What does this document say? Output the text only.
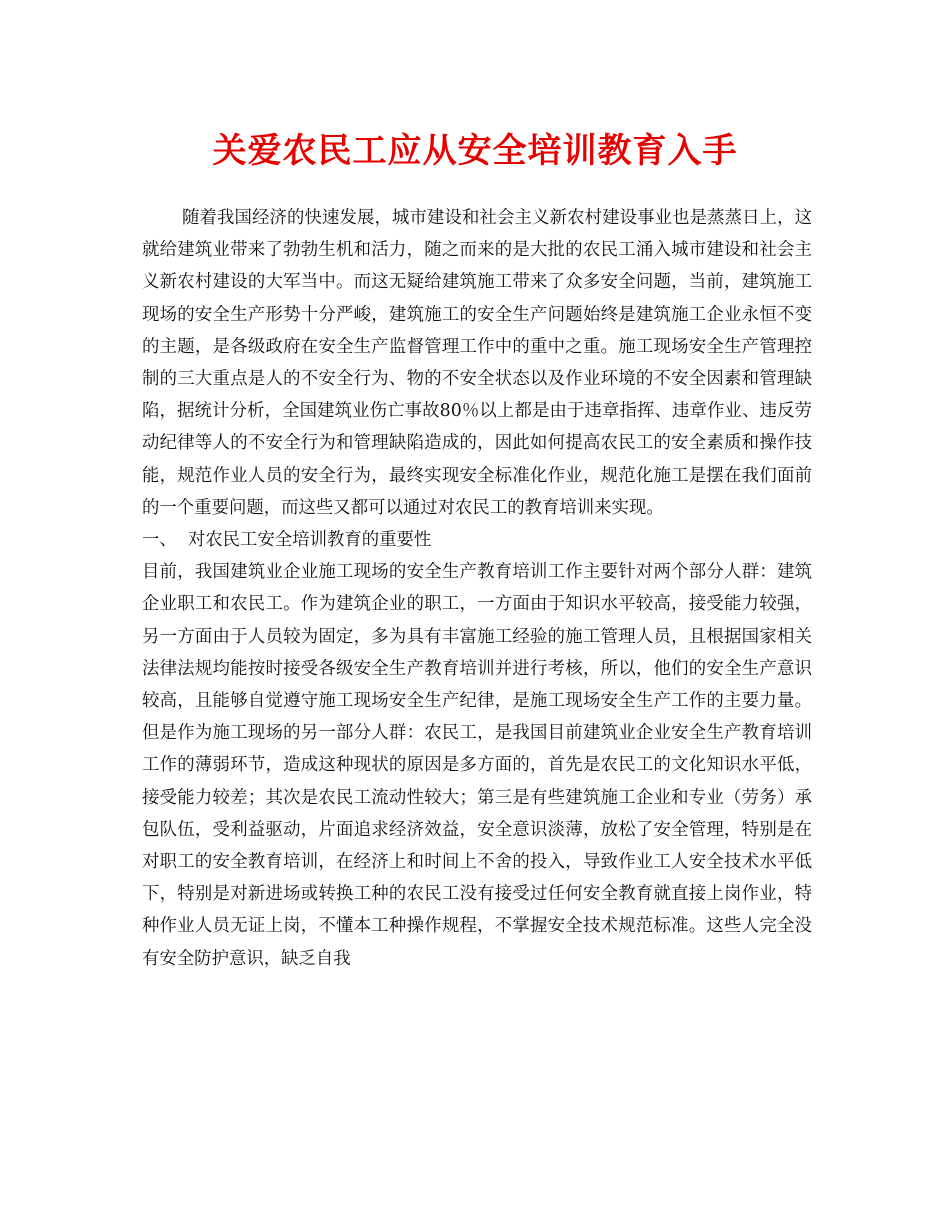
关爱农民工应从安全培训教育入手

随着我国经济的快速发展，城市建设和社会主义新农村建设事业也是蒸蒸日上，这就给建筑业带来了勃勃生机和活力，随之而来的是大批的农民工涌入城市建设和社会主义新农村建设的大军当中。而这无疑给建筑施工带来了众多安全问题，当前，建筑施工现场的安全生产形势十分严峻，建筑施工的安全生产问题始终是建筑施工企业永恒不变的主题，是各级政府在安全生产监督管理工作中的重中之重。施工现场安全生产管理控制的三大重点是人的不安全行为、物的不安全状态以及作业环境的不安全因素和管理缺陷，据统计分析，全国建筑业伤亡事故80％以上都是由于违章指挥、违章作业、违反劳动纪律等人的不安全行为和管理缺陷造成的，因此如何提高农民工的安全素质和操作技能，规范作业人员的安全行为，最终实现安全标准化作业，规范化施工是摆在我们面前的一个重要问题，而这些又都可以通过对农民工的教育培训来实现。

一、  对农民工安全培训教育的重要性

目前，我国建筑业企业施工现场的安全生产教育培训工作主要针对两个部分人群：建筑企业职工和农民工。作为建筑企业的职工，一方面由于知识水平较高，接受能力较强，另一方面由于人员较为固定，多为具有丰富施工经验的施工管理人员，且根据国家相关法律法规均能按时接受各级安全生产教育培训并进行考核，所以，他们的安全生产意识较高，且能够自觉遵守施工现场安全生产纪律，是施工现场安全生产工作的主要力量。但是作为施工现场的另一部分人群：农民工，是我国目前建筑业企业安全生产教育培训工作的薄弱环节，造成这种现状的原因是多方面的，首先是农民工的文化知识水平低，接受能力较差；其次是农民工流动性较大；第三是有些建筑施工企业和专业（劳务）承包队伍，受利益驱动，片面追求经济效益，安全意识淡薄，放松了安全管理，特别是在对职工的安全教育培训，在经济上和时间上不舍的投入，导致作业工人安全技术水平低下，特别是对新进场或转换工种的农民工没有接受过任何安全教育就直接上岗作业，特种作业人员无证上岗，不懂本工种操作规程，不掌握安全技术规范标准。这些人完全没有安全防护意识，缺乏自我
